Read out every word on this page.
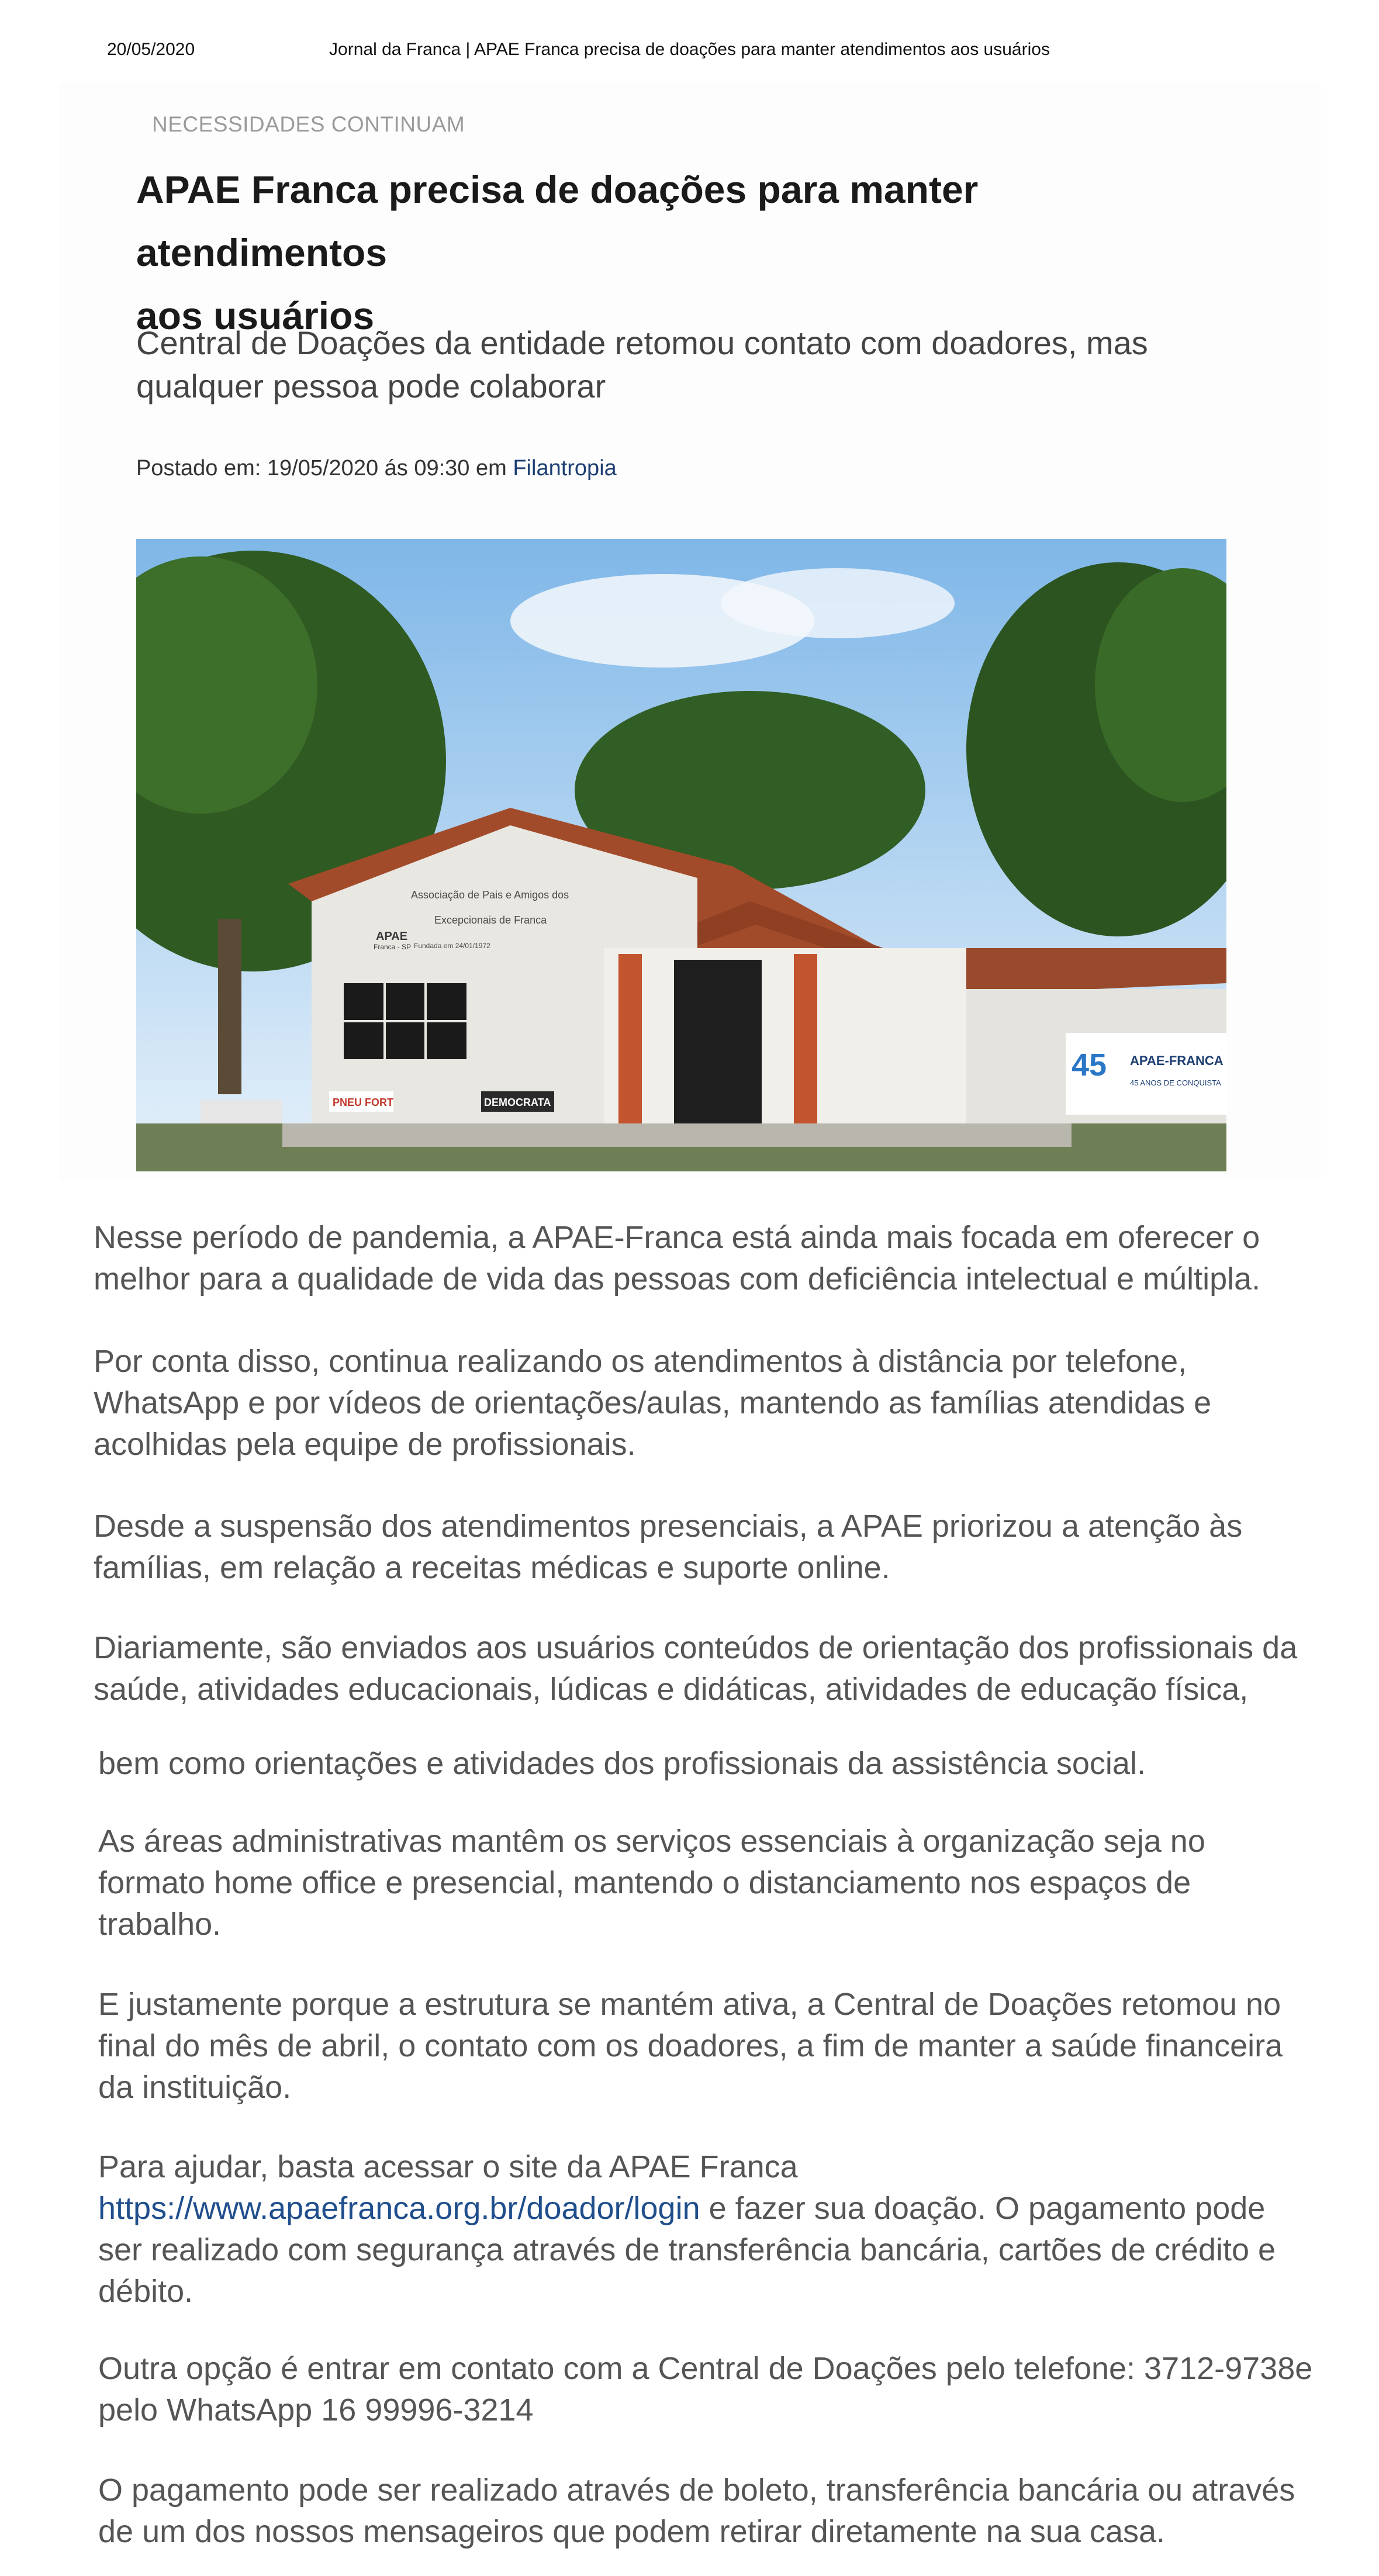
20/05/2020	Jornal da Franca | APAE Franca precisa de doações para manter atendimentos aos usuários
NECESSIDADES CONTINUAM
APAE Franca precisa de doações para manter atendimentos
aos usuários

Central de Doações da entidade retomou contato com doadores, mas
qualquer pessoa pode colaborar

Postado em: 19/05/2020 ás 09:30 em Filantropia
Associação de Pais e Amigos dos
Excepcionais de Franca
Fundada em 24/01/1972
APAE
Franca - SP
PNEU FORT	DEMOCRATA
45 APAE-FRANCA
45 ANOS DE CONQUISTA

Nesse período de pandemia, a APAE-Franca está ainda mais focada em oferecer o
melhor para a qualidade de vida das pessoas com deficiência intelectual e múltipla.

Por conta disso, continua realizando os atendimentos à distância por telefone,
WhatsApp e por vídeos de orientações/aulas, mantendo as famílias atendidas e
acolhidas pela equipe de profissionais.

Desde a suspensão dos atendimentos presenciais, a APAE priorizou a atenção às
famílias, em relação a receitas médicas e suporte online.

Diariamente, são enviados aos usuários conteúdos de orientação dos profissionais da
saúde, atividades educacionais, lúdicas e didáticas, atividades de educação física,

bem como orientações e atividades dos profissionais da assistência social.

As áreas administrativas mantêm os serviços essenciais à organização seja no
formato home office e presencial, mantendo o distanciamento nos espaços de
trabalho.

E justamente porque a estrutura se mantém ativa, a Central de Doações retomou no
final do mês de abril, o contato com os doadores, a fim de manter a saúde financeira
da instituição.

Para ajudar, basta acessar o site da APAE Franca
https://www.apaefranca.org.br/doador/login e fazer sua doação. O pagamento pode
ser realizado com segurança através de transferência bancária, cartões de crédito e
débito.

Outra opção é entrar em contato com a Central de Doações pelo telefone: 3712-9738e
pelo WhatsApp 16 99996-3214

O pagamento pode ser realizado através de boleto, transferência bancária ou através
de um dos nossos mensageiros que podem retirar diretamente na sua casa.
